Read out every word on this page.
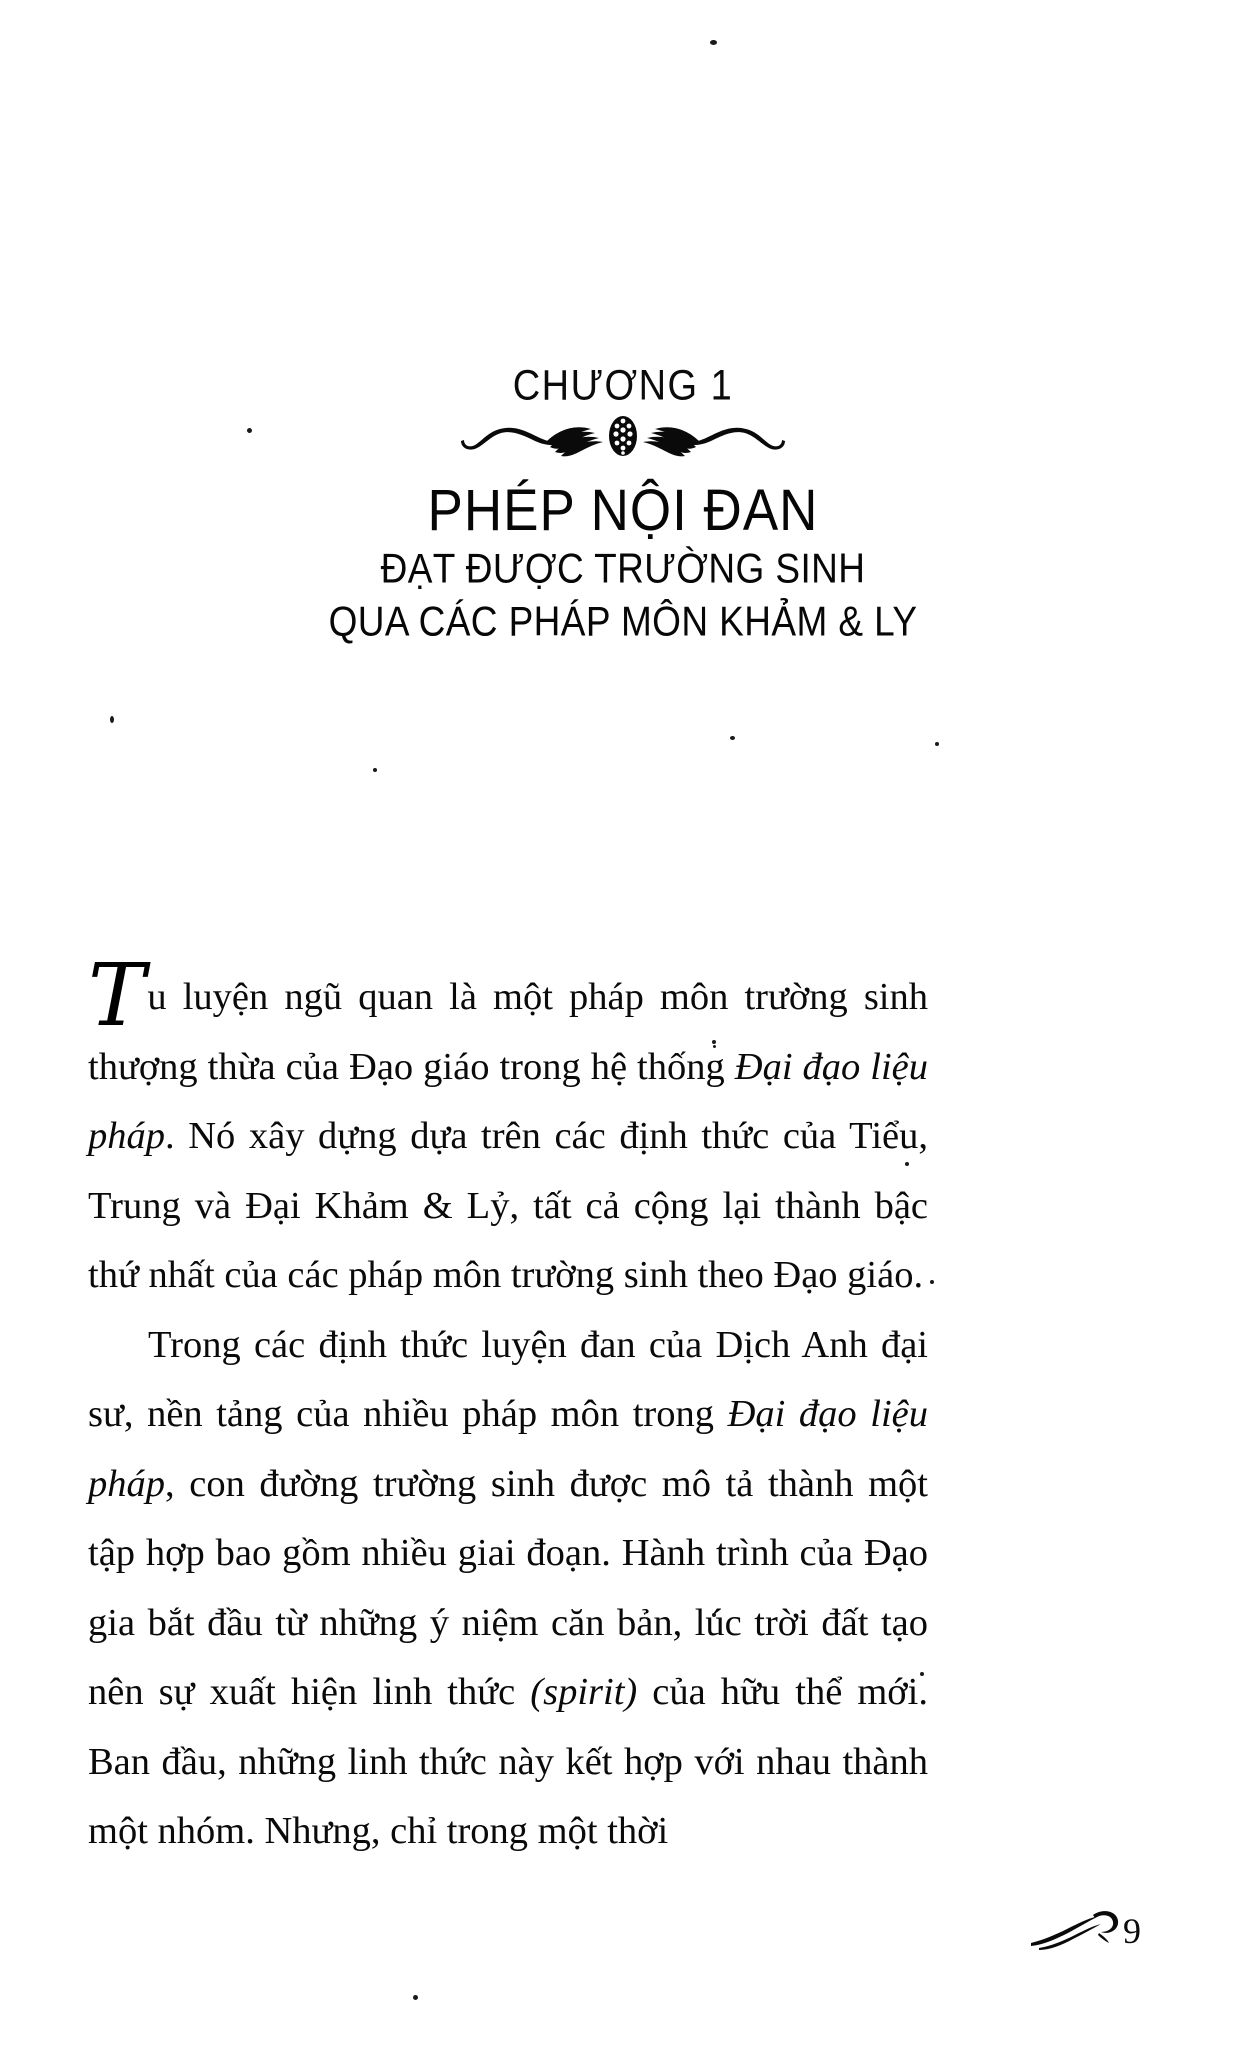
CHƯƠNG 1
PHÉP NỘI ĐAN
ĐẠT ĐƯỢC TRƯỜNG SINH
QUA CÁC PHÁP MÔN KHẢM & LY

Tu luyện ngũ quan là một pháp môn trường sinh thượng thừa của Đạo giáo trong hệ thống Đại đạo liệu pháp. Nó xây dựng dựa trên các định thức của Tiểu, Trung và Đại Khảm & Lỷ, tất cả cộng lại thành bậc thứ nhất của các pháp môn trường sinh theo Đạo giáo.

Trong các định thức luyện đan của Dịch Anh đại sư, nền tảng của nhiều pháp môn trong Đại đạo liệu pháp, con đường trường sinh được mô tả thành một tập hợp bao gồm nhiều giai đoạn. Hành trình của Đạo gia bắt đầu từ những ý niệm căn bản, lúc trời đất tạo nên sự xuất hiện linh thức (spirit) của hữu thể mới. Ban đầu, những linh thức này kết hợp với nhau thành một nhóm. Nhưng, chỉ trong một thời

9
